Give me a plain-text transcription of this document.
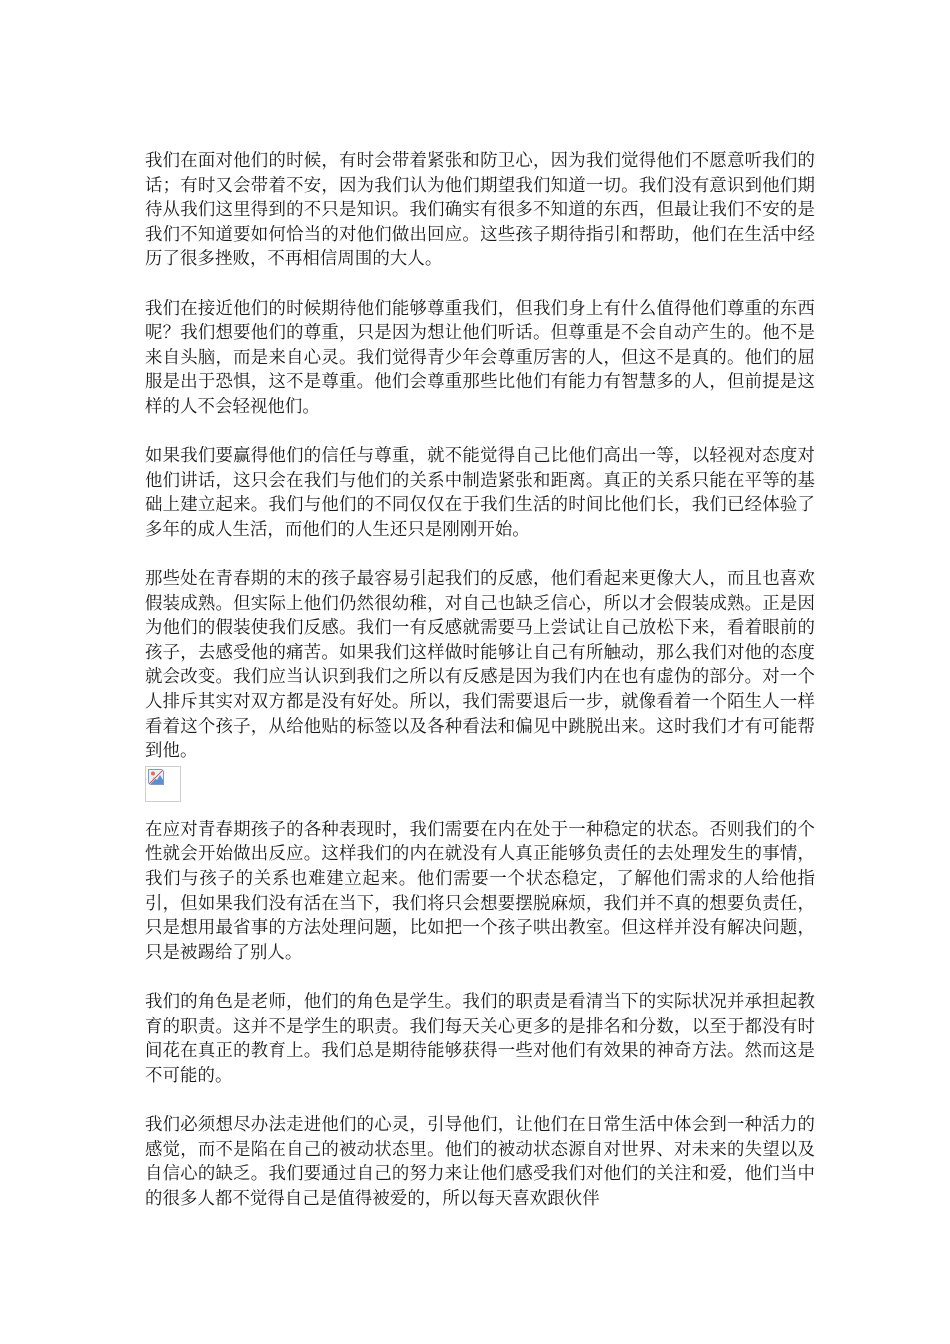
我们在面对他们的时候，有时会带着紧张和防卫心，因为我们觉得他们不愿意听我们的话；有时又会带着不安，因为我们认为他们期望我们知道一切。我们没有意识到他们期待从我们这里得到的不只是知识。我们确实有很多不知道的东西，但最让我们不安的是我们不知道要如何恰当的对他们做出回应。这些孩子期待指引和帮助，他们在生活中经历了很多挫败，不再相信周围的大人。

我们在接近他们的时候期待他们能够尊重我们，但我们身上有什么值得他们尊重的东西呢？我们想要他们的尊重，只是因为想让他们听话。但尊重是不会自动产生的。他不是来自头脑，而是来自心灵。我们觉得青少年会尊重厉害的人，但这不是真的。他们的屈服是出于恐惧，这不是尊重。他们会尊重那些比他们有能力有智慧多的人，但前提是这样的人不会轻视他们。

如果我们要赢得他们的信任与尊重，就不能觉得自己比他们高出一等，以轻视对态度对他们讲话，这只会在我们与他们的关系中制造紧张和距离。真正的关系只能在平等的基础上建立起来。我们与他们的不同仅仅在于我们生活的时间比他们长，我们已经体验了多年的成人生活，而他们的人生还只是刚刚开始。

那些处在青春期的末的孩子最容易引起我们的反感，他们看起来更像大人，而且也喜欢假装成熟。但实际上他们仍然很幼稚，对自己也缺乏信心，所以才会假装成熟。正是因为他们的假装使我们反感。我们一有反感就需要马上尝试让自己放松下来，看着眼前的孩子，去感受他的痛苦。如果我们这样做时能够让自己有所触动，那么我们对他的态度就会改变。我们应当认识到我们之所以有反感是因为我们内在也有虚伪的部分。对一个人排斥其实对双方都是没有好处。所以，我们需要退后一步，就像看着一个陌生人一样看着这个孩子，从给他贴的标签以及各种看法和偏见中跳脱出来。这时我们才有可能帮到他。

在应对青春期孩子的各种表现时，我们需要在内在处于一种稳定的状态。否则我们的个性就会开始做出反应。这样我们的内在就没有人真正能够负责任的去处理发生的事情，我们与孩子的关系也难建立起来。他们需要一个状态稳定，了解他们需求的人给他指引，但如果我们没有活在当下，我们将只会想要摆脱麻烦，我们并不真的想要负责任，只是想用最省事的方法处理问题，比如把一个孩子哄出教室。但这样并没有解决问题，只是被踢给了别人。

我们的角色是老师，他们的角色是学生。我们的职责是看清当下的实际状况并承担起教育的职责。这并不是学生的职责。我们每天关心更多的是排名和分数，以至于都没有时间花在真正的教育上。我们总是期待能够获得一些对他们有效果的神奇方法。然而这是不可能的。

我们必须想尽办法走进他们的心灵，引导他们，让他们在日常生活中体会到一种活力的感觉，而不是陷在自己的被动状态里。他们的被动状态源自对世界、对未来的失望以及自信心的缺乏。我们要通过自己的努力来让他们感受我们对他们的关注和爱，他们当中的很多人都不觉得自己是值得被爱的，所以每天喜欢跟伙伴
